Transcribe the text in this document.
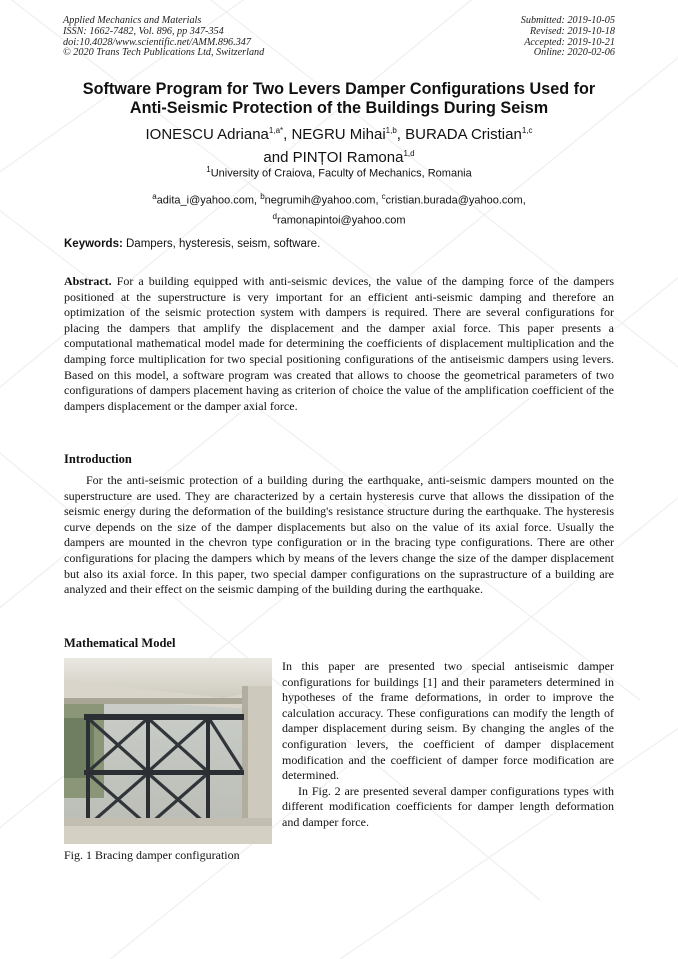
Applied Mechanics and Materials
ISSN: 1662-7482, Vol. 896, pp 347-354
doi:10.4028/www.scientific.net/AMM.896.347
© 2020 Trans Tech Publications Ltd, Switzerland
Submitted: 2019-10-05
Revised: 2019-10-18
Accepted: 2019-10-21
Online: 2020-02-06
Software Program for Two Levers Damper Configurations Used for
Anti-Seismic Protection of the Buildings During Seism
IONESCU Adriana$^{1,a*}$, NEGRU Mihai$^{1,b}$, BURADA Cristian$^{1,c}$
and PINȚOI Ramona$^{1,d}$
$^1$University of Craiova, Faculty of Mechanics, Romania
$^a$adita_i@yahoo.com, $^b$negrumih@yahoo.com, $^c$cristian.burada@yahoo.com,
$^d$ramonapintoi@yahoo.com
Keywords: Dampers, hysteresis, seism, software.
Abstract. For a building equipped with anti-seismic devices, the value of the damping force of the dampers positioned at the superstructure is very important for an efficient anti-seismic damping and therefore an optimization of the seismic protection system with dampers is required. There are several configurations for placing the dampers that amplify the displacement and the damper axial force. This paper presents a computational mathematical model made for determining the coefficients of displacement multiplication and the damping force multiplication for two special positioning configurations of the antiseismic dampers using levers. Based on this model, a software program was created that allows to choose the geometrical parameters of two configurations of dampers placement having as criterion of choice the value of the amplification coefficient of the dampers displacement or the damper axial force.
Introduction
For the anti-seismic protection of a building during the earthquake, anti-seismic dampers mounted on the superstructure are used. They are characterized by a certain hysteresis curve that allows the dissipation of the seismic energy during the deformation of the building's resistance structure during the earthquake. The hysteresis curve depends on the size of the damper displacements but also on the value of its axial force. Usually the dampers are mounted in the chevron type configuration or in the bracing type configurations. There are other configurations for placing the dampers which by means of the levers change the size of the damper displacement but also its axial force. In this paper, two special damper configurations on the suprastructure of a building are analyzed and their effect on the seismic damping of the building during the earthquake.
Mathematical Model
Fig. 1 Bracing damper configuration

In this paper are presented two special antiseismic damper configurations for buildings [1] and their parameters determined in hypotheses of the frame deformations, in order to improve the calculation accuracy. These configurations can modify the length of damper displacement during seism. By changing the angles of the configuration levers, the coefficient of damper displacement modification and the coefficient of damper force modification are determined.

In Fig. 2 are presented several damper configurations types with different modification coefficients for damper length deformation and damper force.
